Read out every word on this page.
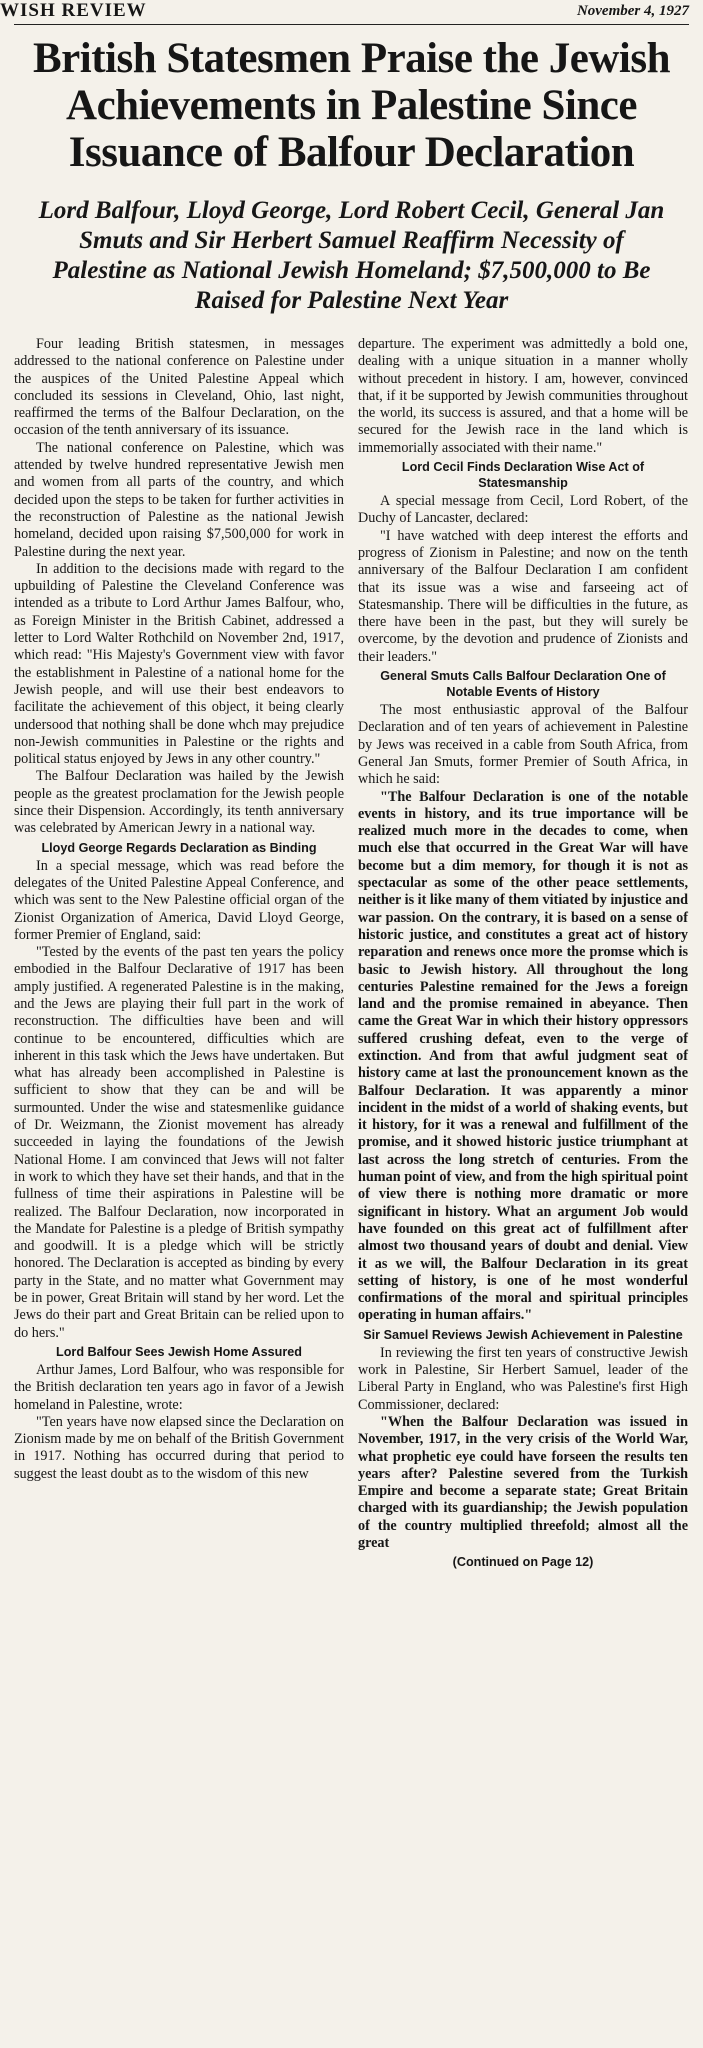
WISH REVIEW	November 4, 1927
British Statesmen Praise the Jewish Achievements in Palestine Since Issuance of Balfour Declaration
Lord Balfour, Lloyd George, Lord Robert Cecil, General Jan Smuts and Sir Herbert Samuel Reaffirm Necessity of Palestine as National Jewish Homeland; $7,500,000 to Be Raised for Palestine Next Year

Four leading British statesmen, in messages addressed to the national conference on Palestine under the auspices of the United Palestine Appeal which concluded its sessions in Cleveland, Ohio, last night, reaffirmed the terms of the Balfour Declaration, on the occasion of the tenth anniversary of its issuance.

The national conference on Palestine, which was attended by twelve hundred representative Jewish men and women from all parts of the country, and which decided upon the steps to be taken for further activities in the reconstruction of Palestine as the national Jewish homeland, decided upon raising $7,500,000 for work in Palestine during the next year.

In addition to the decisions made with regard to the upbuilding of Palestine the Cleveland Conference was intended as a tribute to Lord Arthur James Balfour, who, as Foreign Minister in the British Cabinet, addressed a letter to Lord Walter Rothchild on November 2nd, 1917, which read: "His Majesty's Government view with favor the establishment in Palestine of a national home for the Jewish people, and will use their best endeavors to facilitate the achievement of this object, it being clearly undersood that nothing shall be done whch may prejudice non-Jewish communities in Palestine or the rights and political status enjoyed by Jews in any other country."

The Balfour Declaration was hailed by the Jewish people as the greatest proclamation for the Jewish people since their Dispension. Accordingly, its tenth anniversary was celebrated by American Jewry in a national way.

Lloyd George Regards Declaration as Binding

In a special message, which was read before the delegates of the United Palestine Appeal Conference, and which was sent to the New Palestine official organ of the Zionist Organization of America, David Lloyd George, former Premier of England, said:

"Tested by the events of the past ten years the policy embodied in the Balfour Declarative of 1917 has been amply justified. A regenerated Palestine is in the making, and the Jews are playing their full part in the work of reconstruction. The difficulties have been and will continue to be encountered, difficulties which are inherent in this task which the Jews have undertaken. But what has already been accomplished in Palestine is sufficient to show that they can be and will be surmounted. Under the wise and statesmenlike guidance of Dr. Weizmann, the Zionist movement has already succeeded in laying the foundations of the Jewish National Home. I am convinced that Jews will not falter in work to which they have set their hands, and that in the fullness of time their aspirations in Palestine will be realized. The Balfour Declaration, now incorporated in the Mandate for Palestine is a pledge of British sympathy and goodwill. It is a pledge which will be strictly honored. The Declaration is accepted as binding by every party in the State, and no matter what Government may be in power, Great Britain will stand by her word. Let the Jews do their part and Great Britain can be relied upon to do hers."

Lord Balfour Sees Jewish Home Assured

Arthur James, Lord Balfour, who was responsible for the British declaration ten years ago in favor of a Jewish homeland in Palestine, wrote:

"Ten years have now elapsed since the Declaration on Zionism made by me on behalf of the British Government in 1917. Nothing has occurred during that period to suggest the least doubt as to the wisdom of this new

departure. The experiment was admittedly a bold one, dealing with a unique situation in a manner wholly without precedent in history. I am, however, convinced that, if it be supported by Jewish communities throughout the world, its success is assured, and that a home will be secured for the Jewish race in the land which is immemorially associated with their name."

Lord Cecil Finds Declaration Wise Act of Statesmanship

A special message from Cecil, Lord Robert, of the Duchy of Lancaster, declared:

"I have watched with deep interest the efforts and progress of Zionism in Palestine; and now on the tenth anniversary of the Balfour Declaration I am confident that its issue was a wise and farseeing act of Statesmanship. There will be difficulties in the future, as there have been in the past, but they will surely be overcome, by the devotion and prudence of Zionists and their leaders."

General Smuts Calls Balfour Declaration One of Notable Events of History

The most enthusiastic approval of the Balfour Declaration and of ten years of achievement in Palestine by Jews was received in a cable from South Africa, from General Jan Smuts, former Premier of South Africa, in which he said:

"The Balfour Declaration is one of the notable events in history, and its true importance will be realized much more in the decades to come, when much else that occurred in the Great War will have become but a dim memory, for though it is not as spectacular as some of the other peace settlements, neither is it like many of them vitiated by injustice and war passion. On the contrary, it is based on a sense of historic justice, and constitutes a great act of history reparation and renews once more the promse which is basic to Jewish history. All throughout the long centuries Palestine remained for the Jews a foreign land and the promise remained in abeyance. Then came the Great War in which their history oppressors suffered crushing defeat, even to the verge of extinction. And from that awful judgment seat of history came at last the pronouncement known as the Balfour Declaration. It was apparently a minor incident in the midst of a world of shaking events, but it history, for it was a renewal and fulfillment of the promise, and it showed historic justice triumphant at last across the long stretch of centuries. From the human point of view, and from the high spiritual point of view there is nothing more dramatic or more significant in history. What an argument Job would have founded on this great act of fulfillment after almost two thousand years of doubt and denial. View it as we will, the Balfour Declaration in its great setting of history, is one of he most wonderful confirmations of the moral and spiritual principles operating in human affairs."

Sir Samuel Reviews Jewish Achievement in Palestine

In reviewing the first ten years of constructive Jewish work in Palestine, Sir Herbert Samuel, leader of the Liberal Party in England, who was Palestine's first High Commissioner, declared:

"When the Balfour Declaration was issued in November, 1917, in the very crisis of the World War, what prophetic eye could have forseen the results ten years after? Palestine severed from the Turkish Empire and become a separate state; Great Britain charged with its guardianship; the Jewish population of the country multiplied threefold; almost all the great

(Continued on Page 12)
